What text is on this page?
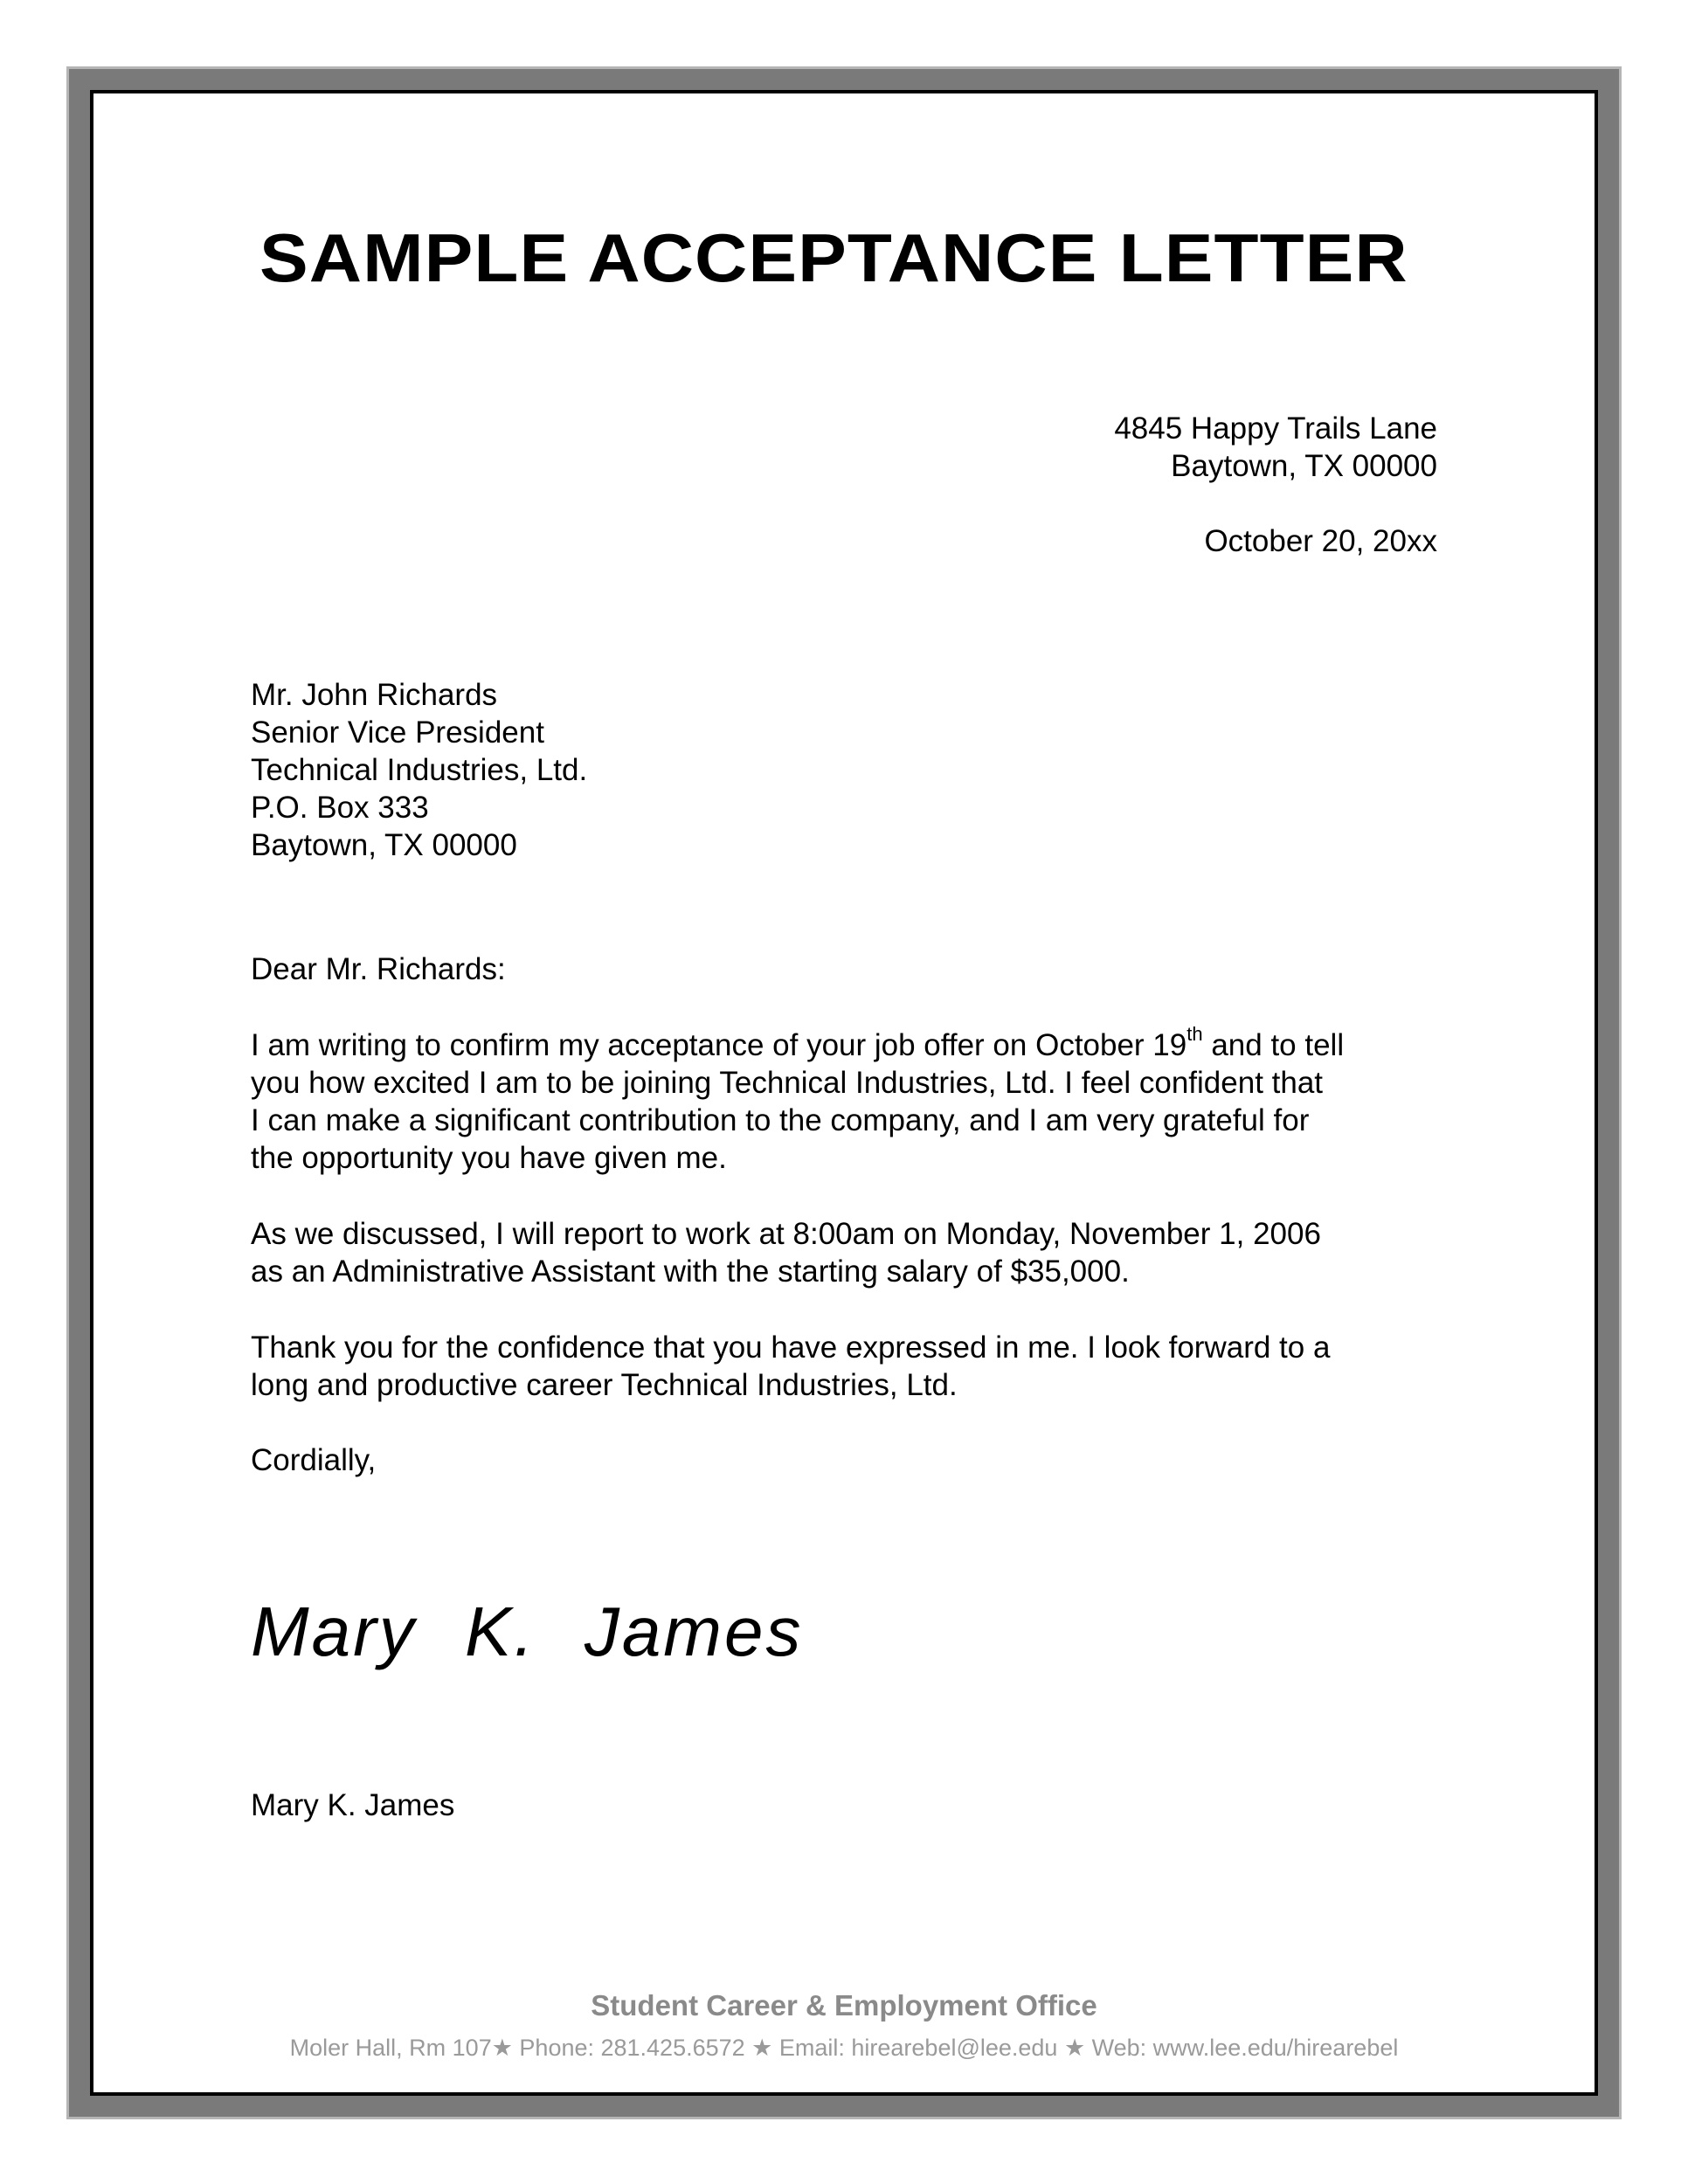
SAMPLE ACCEPTANCE LETTER
4845 Happy Trails Lane
Baytown, TX 00000
October 20, 20xx
Mr. John Richards
Senior Vice President
Technical Industries, Ltd.
P.O. Box 333
Baytown, TX 00000
Dear Mr. Richards:
I am writing to confirm my acceptance of your job offer on October 19th and to tell
you how excited I am to be joining Technical Industries, Ltd. I feel confident that
I can make a significant contribution to the company, and I am very grateful for
the opportunity you have given me.
As we discussed, I will report to work at 8:00am on Monday, November 1, 2006
as an Administrative Assistant with the starting salary of $35,000.
Thank you for the confidence that you have expressed in me. I look forward to a
long and productive career Technical Industries, Ltd.
Cordially,
Mary K. James
Mary K. James
Student Career & Employment Office
Moler Hall, Rm 107★ Phone: 281.425.6572 ★ Email: hirearebel@lee.edu ★ Web: www.lee.edu/hirearebel
